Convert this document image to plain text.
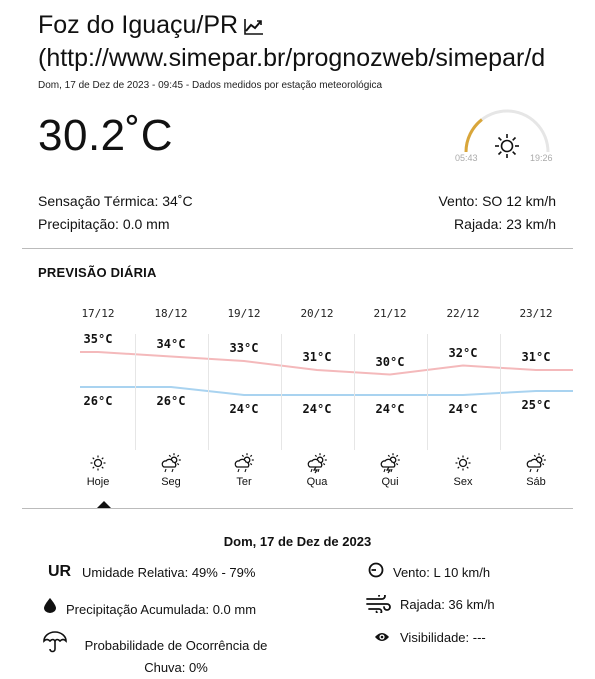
Foz do Iguaçu/PR
(http://www.simepar.br/prognozweb/simepar/d
Dom, 17 de Dez de 2023 - 09:45 - Dados medidos por estação meteorológica
30.2˚C	05:43	19:26
Sensação Térmica: 34˚C
Precipitação: 0.0 mm
Vento: SO 12 km/h
Rajada: 23 km/h
PREVISÃO DIÁRIA
17/12
35°C
26°C
Hoje
18/12
34°C
26°C
Seg
19/12
33°C
24°C
Ter
20/12
31°C
24°C
Qua
21/12
30°C
24°C
Qui
22/12
32°C
24°C
Sex
23/12
31°C
25°C
Sáb
Dom, 17 de Dez de 2023
UR Umidade Relativa: 49% - 79%
Precipitação Acumulada: 0.0 mm
Probabilidade de Ocorrência de Chuva: 0%
Vento: L 10 km/h
Rajada: 36 km/h
Visibilidade: ---
